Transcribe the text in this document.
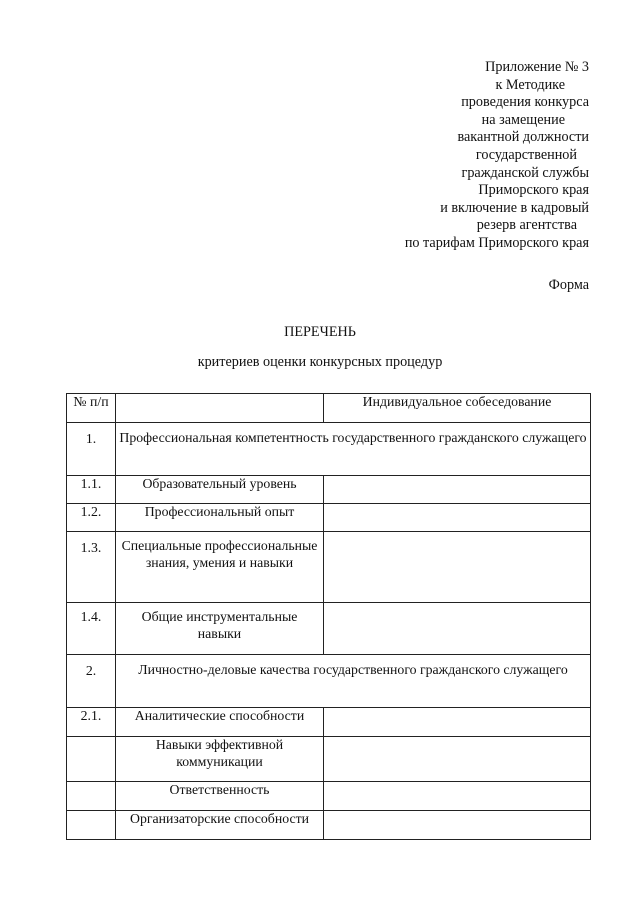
Приложение № 3
к Методике
проведения конкурса
на замещение
вакантной должности
государственной
гражданской службы
Приморского края
и включение в кадровый
резерв агентства
по тарифам Приморского края
Форма
ПЕРЕЧЕНЬ
критериев оценки конкурсных процедур
№ п/п		Индивидуальное собеседование
1.	Профессиональная компетентность государственного гражданского служащего	
1.1.	Образовательный уровень	
1.2.	Профессиональный опыт	
1.3.	Специальные профессиональные знания, умения и навыки	
1.4.	Общие инструментальные навыки	
2.	Личностно-деловые качества государственного гражданского служащего	
2.1.	Аналитические способности	
	Навыки эффективной коммуникации	
	Ответственность	
	Организаторские способности	
